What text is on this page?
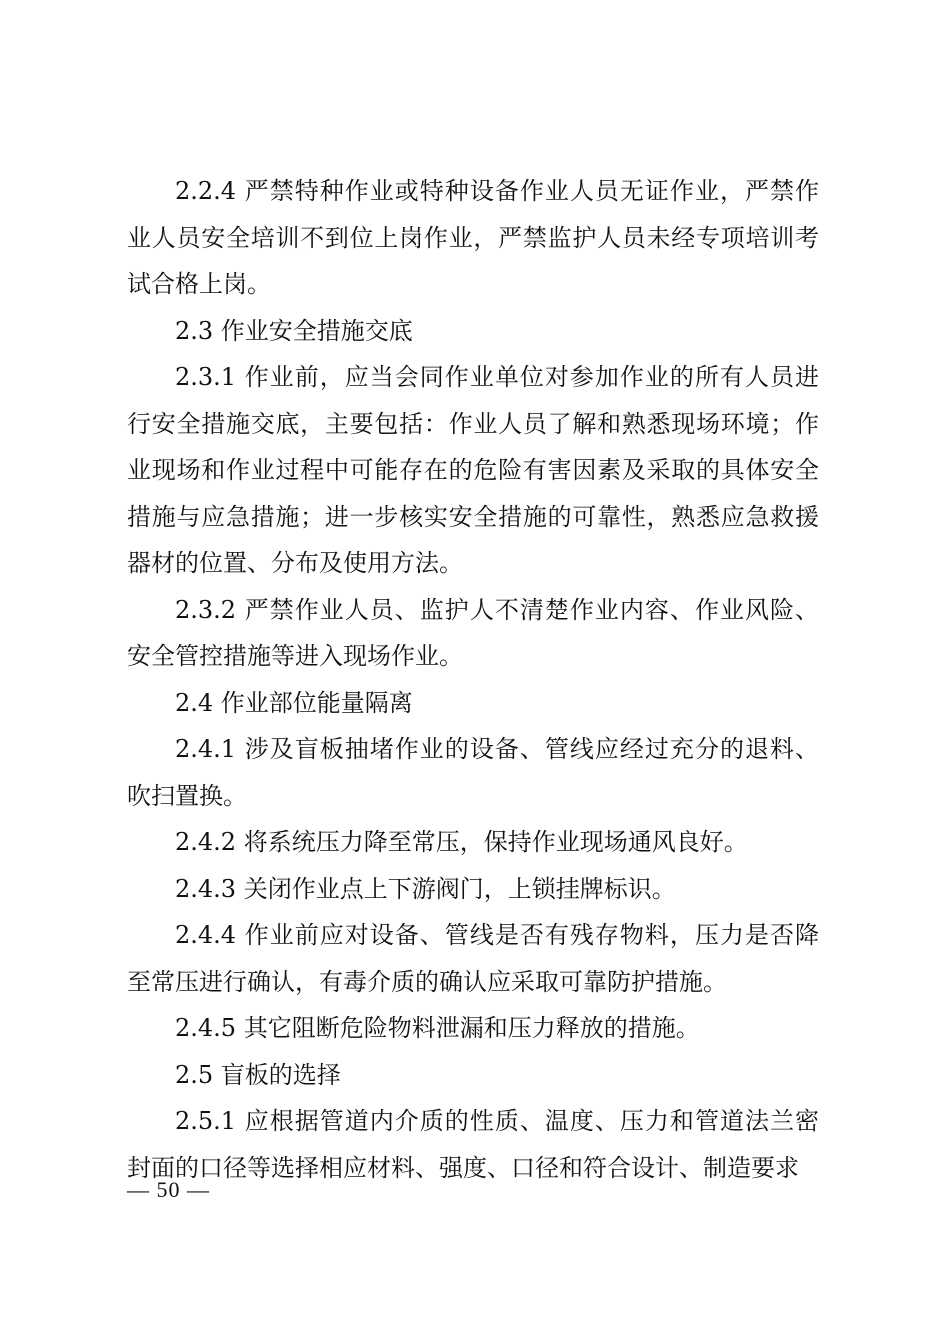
2.2.4 严禁特种作业或特种设备作业人员无证作业，严禁作业人员安全培训不到位上岗作业，严禁监护人员未经专项培训考试合格上岗。

2.3 作业安全措施交底

2.3.1 作业前，应当会同作业单位对参加作业的所有人员进行安全措施交底，主要包括：作业人员了解和熟悉现场环境；作业现场和作业过程中可能存在的危险有害因素及采取的具体安全措施与应急措施；进一步核实安全措施的可靠性，熟悉应急救援器材的位置、分布及使用方法。

2.3.2 严禁作业人员、监护人不清楚作业内容、作业风险、安全管控措施等进入现场作业。

2.4 作业部位能量隔离

2.4.1 涉及盲板抽堵作业的设备、管线应经过充分的退料、吹扫置换。

2.4.2 将系统压力降至常压，保持作业现场通风良好。

2.4.3 关闭作业点上下游阀门，上锁挂牌标识。

2.4.4 作业前应对设备、管线是否有残存物料，压力是否降至常压进行确认，有毒介质的确认应采取可靠防护措施。

2.4.5 其它阻断危险物料泄漏和压力释放的措施。

2.5 盲板的选择

2.5.1 应根据管道内介质的性质、温度、压力和管道法兰密封面的口径等选择相应材料、强度、口径和符合设计、制造要求

— 50 —
